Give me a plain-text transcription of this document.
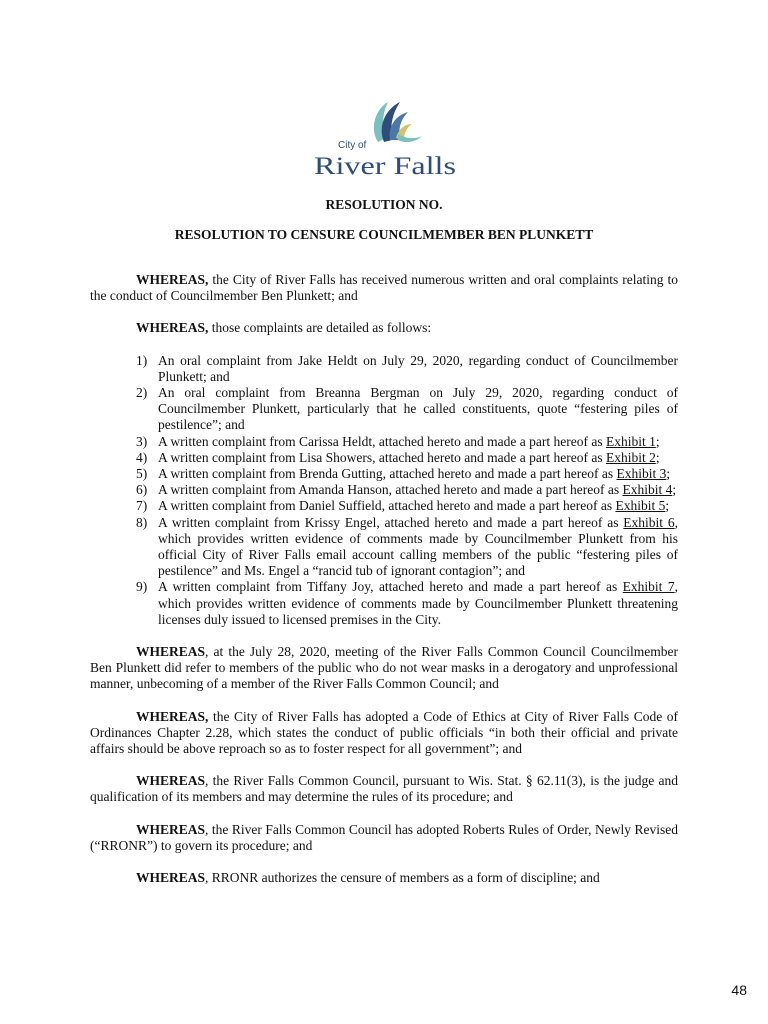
City of
River Falls
RESOLUTION NO.
RESOLUTION TO CENSURE COUNCILMEMBER BEN PLUNKETT

WHEREAS, the City of River Falls has received numerous written and oral complaints relating to the conduct of Councilmember Ben Plunkett; and

WHEREAS, those complaints are detailed as follows:

1) An oral complaint from Jake Heldt on July 29, 2020, regarding conduct of Councilmember Plunkett; and
2) An oral complaint from Breanna Bergman on July 29, 2020, regarding conduct of Councilmember Plunkett, particularly that he called constituents, quote “festering piles of pestilence”; and
3) A written complaint from Carissa Heldt, attached hereto and made a part hereof as Exhibit 1;
4) A written complaint from Lisa Showers, attached hereto and made a part hereof as Exhibit 2;
5) A written complaint from Brenda Gutting, attached hereto and made a part hereof as Exhibit 3;
6) A written complaint from Amanda Hanson, attached hereto and made a part hereof as Exhibit 4;
7) A written complaint from Daniel Suffield, attached hereto and made a part hereof as Exhibit 5;
8) A written complaint from Krissy Engel, attached hereto and made a part hereof as Exhibit 6, which provides written evidence of comments made by Councilmember Plunkett from his official City of River Falls email account calling members of the public “festering piles of pestilence” and Ms. Engel a “rancid tub of ignorant contagion”; and
9) A written complaint from Tiffany Joy, attached hereto and made a part hereof as Exhibit 7, which provides written evidence of comments made by Councilmember Plunkett threatening licenses duly issued to licensed premises in the City.

WHEREAS, at the July 28, 2020, meeting of the River Falls Common Council Councilmember Ben Plunkett did refer to members of the public who do not wear masks in a derogatory and unprofessional manner, unbecoming of a member of the River Falls Common Council; and

WHEREAS, the City of River Falls has adopted a Code of Ethics at City of River Falls Code of Ordinances Chapter 2.28, which states the conduct of public officials “in both their official and private affairs should be above reproach so as to foster respect for all government”; and

WHEREAS, the River Falls Common Council, pursuant to Wis. Stat. § 62.11(3), is the judge and qualification of its members and may determine the rules of its procedure; and

WHEREAS, the River Falls Common Council has adopted Roberts Rules of Order, Newly Revised (“RRONR”) to govern its procedure; and

WHEREAS, RRONR authorizes the censure of members as a form of discipline; and

48
